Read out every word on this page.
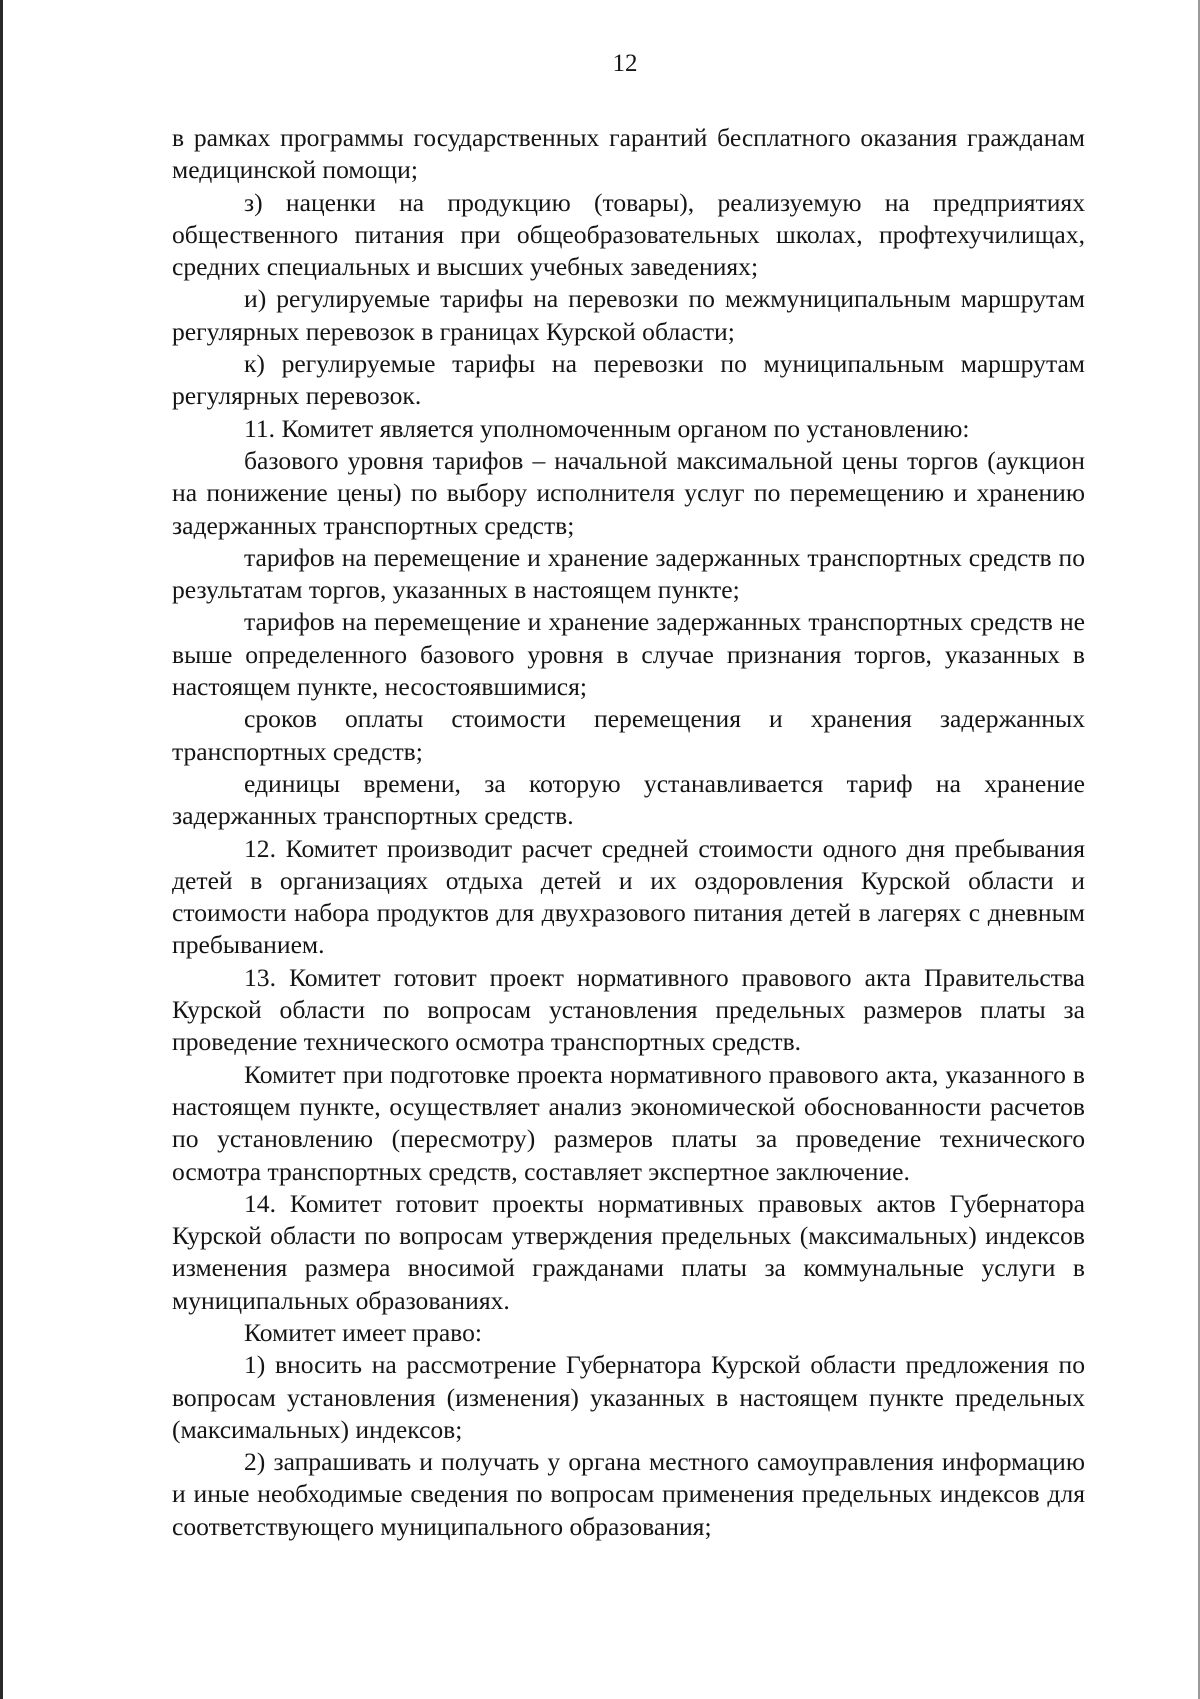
12

в рамках программы государственных гарантий бесплатного оказания гражданам медицинской помощи;

з) наценки на продукцию (товары), реализуемую на предприятиях общественного питания при общеобразовательных школах, профтехучилищах, средних специальных и высших учебных заведениях;

и) регулируемые тарифы на перевозки по межмуниципальным маршрутам регулярных перевозок в границах Курской области;

к) регулируемые тарифы на перевозки по муниципальным маршрутам регулярных перевозок.

11. Комитет является уполномоченным органом по установлению:

базового уровня тарифов – начальной максимальной цены торгов (аукцион на понижение цены) по выбору исполнителя услуг по перемещению и хранению задержанных транспортных средств;

тарифов на перемещение и хранение задержанных транспортных средств по результатам торгов, указанных в настоящем пункте;

тарифов на перемещение и хранение задержанных транспортных средств не выше определенного базового уровня в случае признания торгов, указанных в настоящем пункте, несостоявшимися;

сроков оплаты стоимости перемещения и хранения задержанных транспортных средств;

единицы времени, за которую устанавливается тариф на хранение задержанных транспортных средств.

12. Комитет производит расчет средней стоимости одного дня пребывания детей в организациях отдыха детей и их оздоровления Курской области и стоимости набора продуктов для двухразового питания детей в лагерях с дневным пребыванием.

13. Комитет готовит проект нормативного правового акта Правительства Курской области по вопросам установления предельных размеров платы за проведение технического осмотра транспортных средств.

Комитет при подготовке проекта нормативного правового акта, указанного в настоящем пункте, осуществляет анализ экономической обоснованности расчетов по установлению (пересмотру) размеров платы за проведение технического осмотра транспортных средств, составляет экспертное заключение.

14. Комитет готовит проекты нормативных правовых актов Губернатора Курской области по вопросам утверждения предельных (максимальных) индексов изменения размера вносимой гражданами платы за коммунальные услуги в муниципальных образованиях.

Комитет имеет право:

1) вносить на рассмотрение Губернатора Курской области предложения по вопросам установления (изменения) указанных в настоящем пункте предельных (максимальных) индексов;

2) запрашивать и получать у органа местного самоуправления информацию и иные необходимые сведения по вопросам применения предельных индексов для соответствующего муниципального образования;
